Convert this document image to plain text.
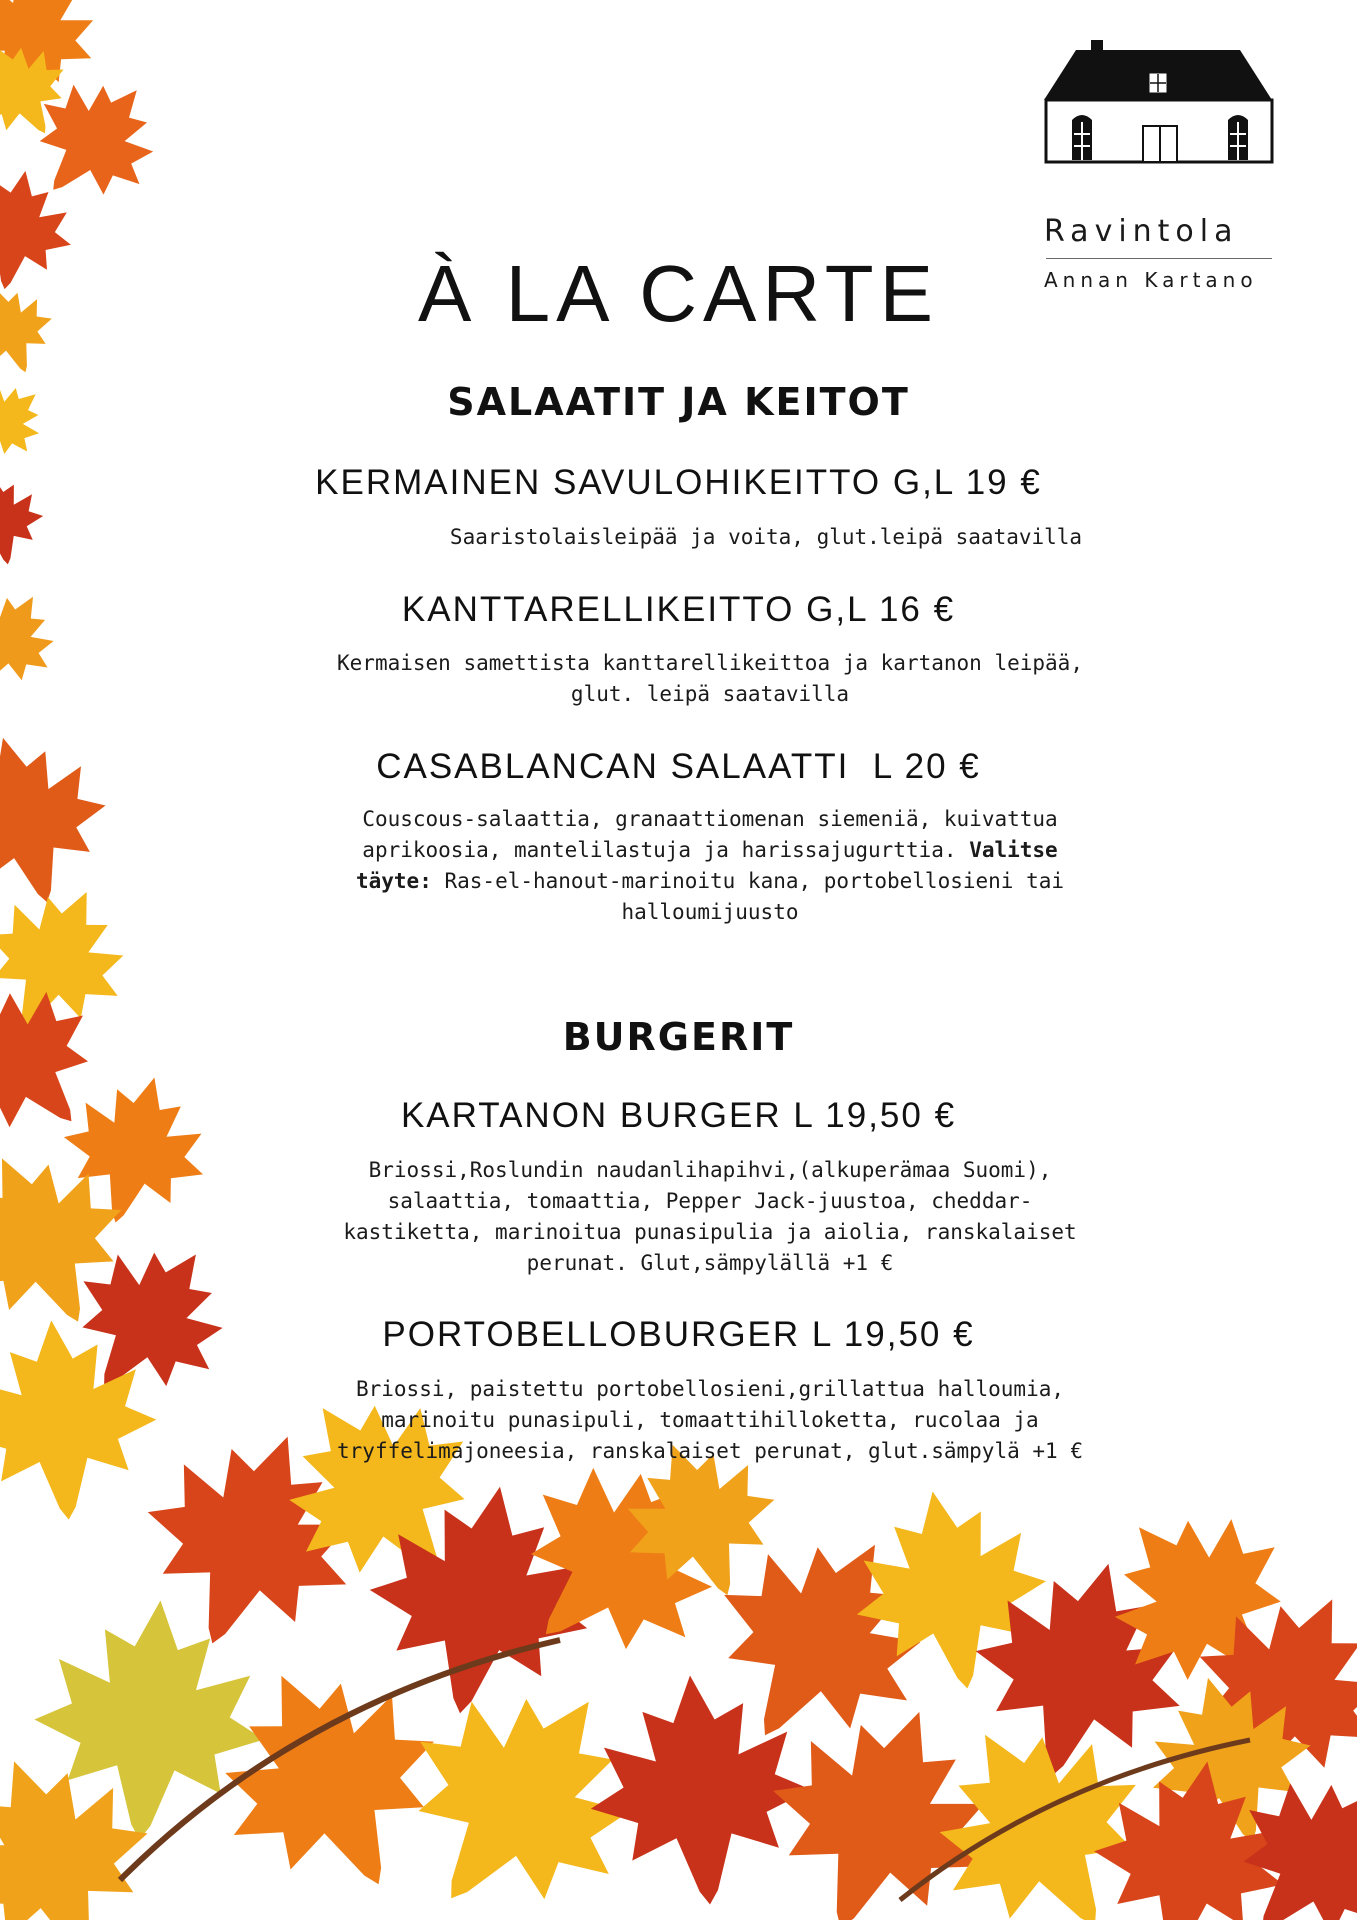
Ravintola
Annan Kartano
À LA CARTE
SALAATIT JA KEITOT
KERMAINEN SAVULOHIKEITTO G,L 19 €

Saaristolaisleipää ja voita, glut.leipä saatavilla

KANTTARELLIKEITTO G,L 16 €

Kermaisen samettista kanttarellikeittoa ja kartanon leipää, glut. leipä saatavilla

CASABLANCAN SALAATTI  L 20 €

Couscous-salaattia, granaattiomenan siemeniä, kuivattua aprikoosia, mantelilastuja ja harissajugurttia. Valitse täyte: Ras-el-hanout-marinoitu kana, portobellosieni tai halloumijuusto

BURGERIT
KARTANON BURGER L 19,50 €

Briossi,Roslundin naudanlihapihvi,(alkuperämaa Suomi), salaattia, tomaattia, Pepper Jack-juustoa, cheddar-kastiketta, marinoitua punasipulia ja aiolia, ranskalaiset perunat. Glut,sämpylällä +1 €

PORTOBELLOBURGER L 19,50 €

Briossi, paistettu portobellosieni,grillattua halloumia, marinoitu punasipuli, tomaattihilloketta, rucolaa ja tryffelimajoneesia, ranskalaiset perunat, glut.sämpylä +1 €
